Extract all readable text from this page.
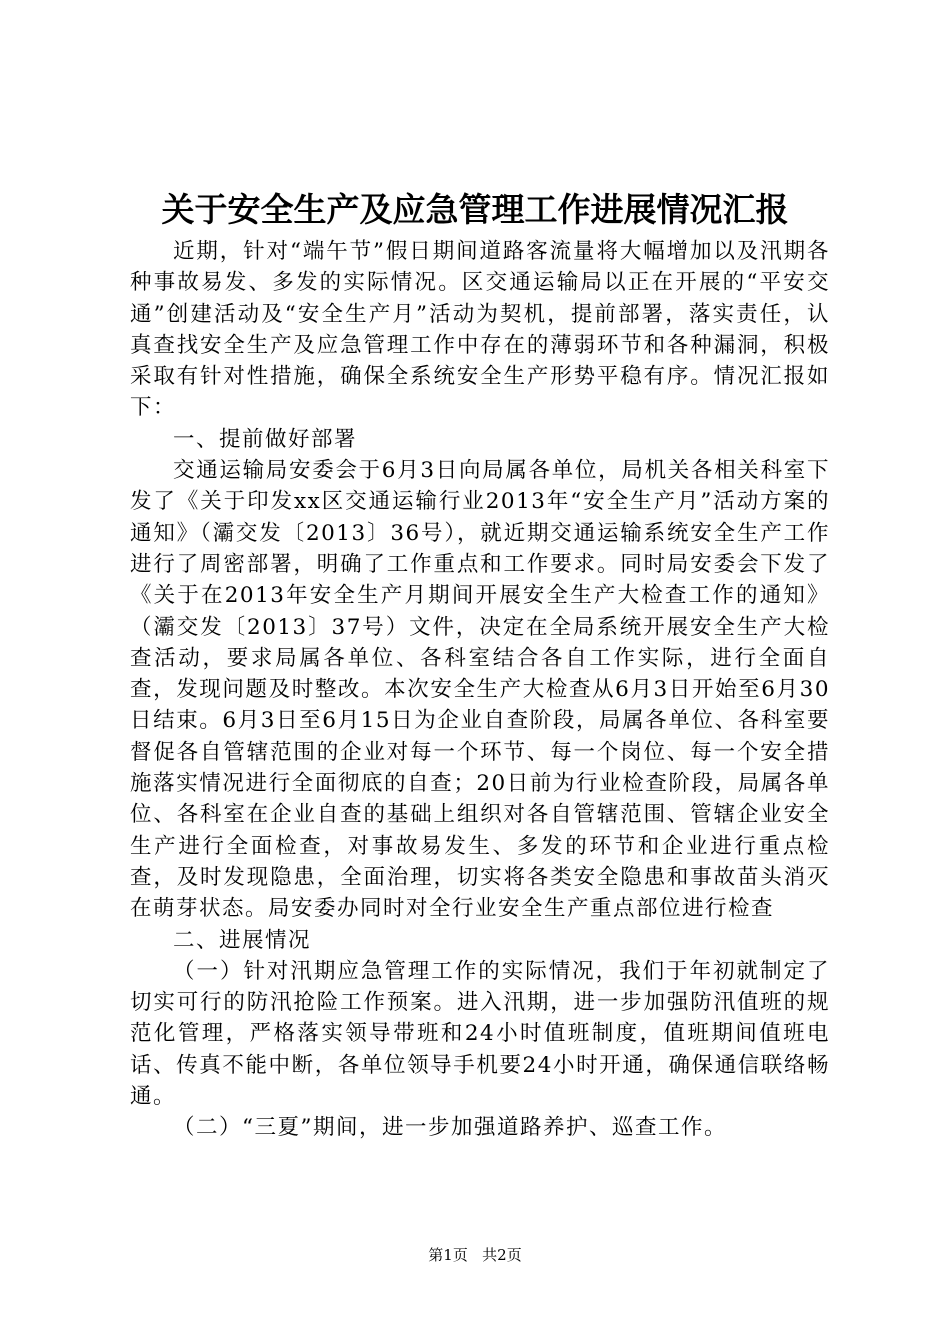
关于安全生产及应急管理工作进展情况汇报

近期，针对“端午节”假日期间道路客流量将大幅增加以及汛期各种事故易发、多发的实际情况。区交通运输局以正在开展的“平安交通”创建活动及“安全生产月”活动为契机，提前部署，落实责任，认真查找安全生产及应急管理工作中存在的薄弱环节和各种漏洞，积极采取有针对性措施，确保全系统安全生产形势平稳有序。情况汇报如下：

一、提前做好部署

交通运输局安委会于6月3日向局属各单位，局机关各相关科室下发了《关于印发xx区交通运输行业2013年“安全生产月”活动方案的通知》（灞交发〔2013〕36号），就近期交通运输系统安全生产工作进行了周密部署，明确了工作重点和工作要求。同时局安委会下发了《关于在2013年安全生产月期间开展安全生产大检查工作的通知》（灞交发〔2013〕37号）文件，决定在全局系统开展安全生产大检查活动，要求局属各单位、各科室结合各自工作实际，进行全面自查，发现问题及时整改。本次安全生产大检查从6月3日开始至6月30日结束。6月3日至6月15日为企业自查阶段，局属各单位、各科室要督促各自管辖范围的企业对每一个环节、每一个岗位、每一个安全措施落实情况进行全面彻底的自查；20日前为行业检查阶段，局属各单位、各科室在企业自查的基础上组织对各自管辖范围、管辖企业安全生产进行全面检查，对事故易发生、多发的环节和企业进行重点检查，及时发现隐患，全面治理，切实将各类安全隐患和事故苗头消灭在萌芽状态。局安委办同时对全行业安全生产重点部位进行检查

二、进展情况

（一）针对汛期应急管理工作的实际情况，我们于年初就制定了切实可行的防汛抢险工作预案。进入汛期，进一步加强防汛值班的规范化管理，严格落实领导带班和24小时值班制度，值班期间值班电话、传真不能中断，各单位领导手机要24小时开通，确保通信联络畅通。

（二）“三夏”期间，进一步加强道路养护、巡查工作。

第1页 共2页
